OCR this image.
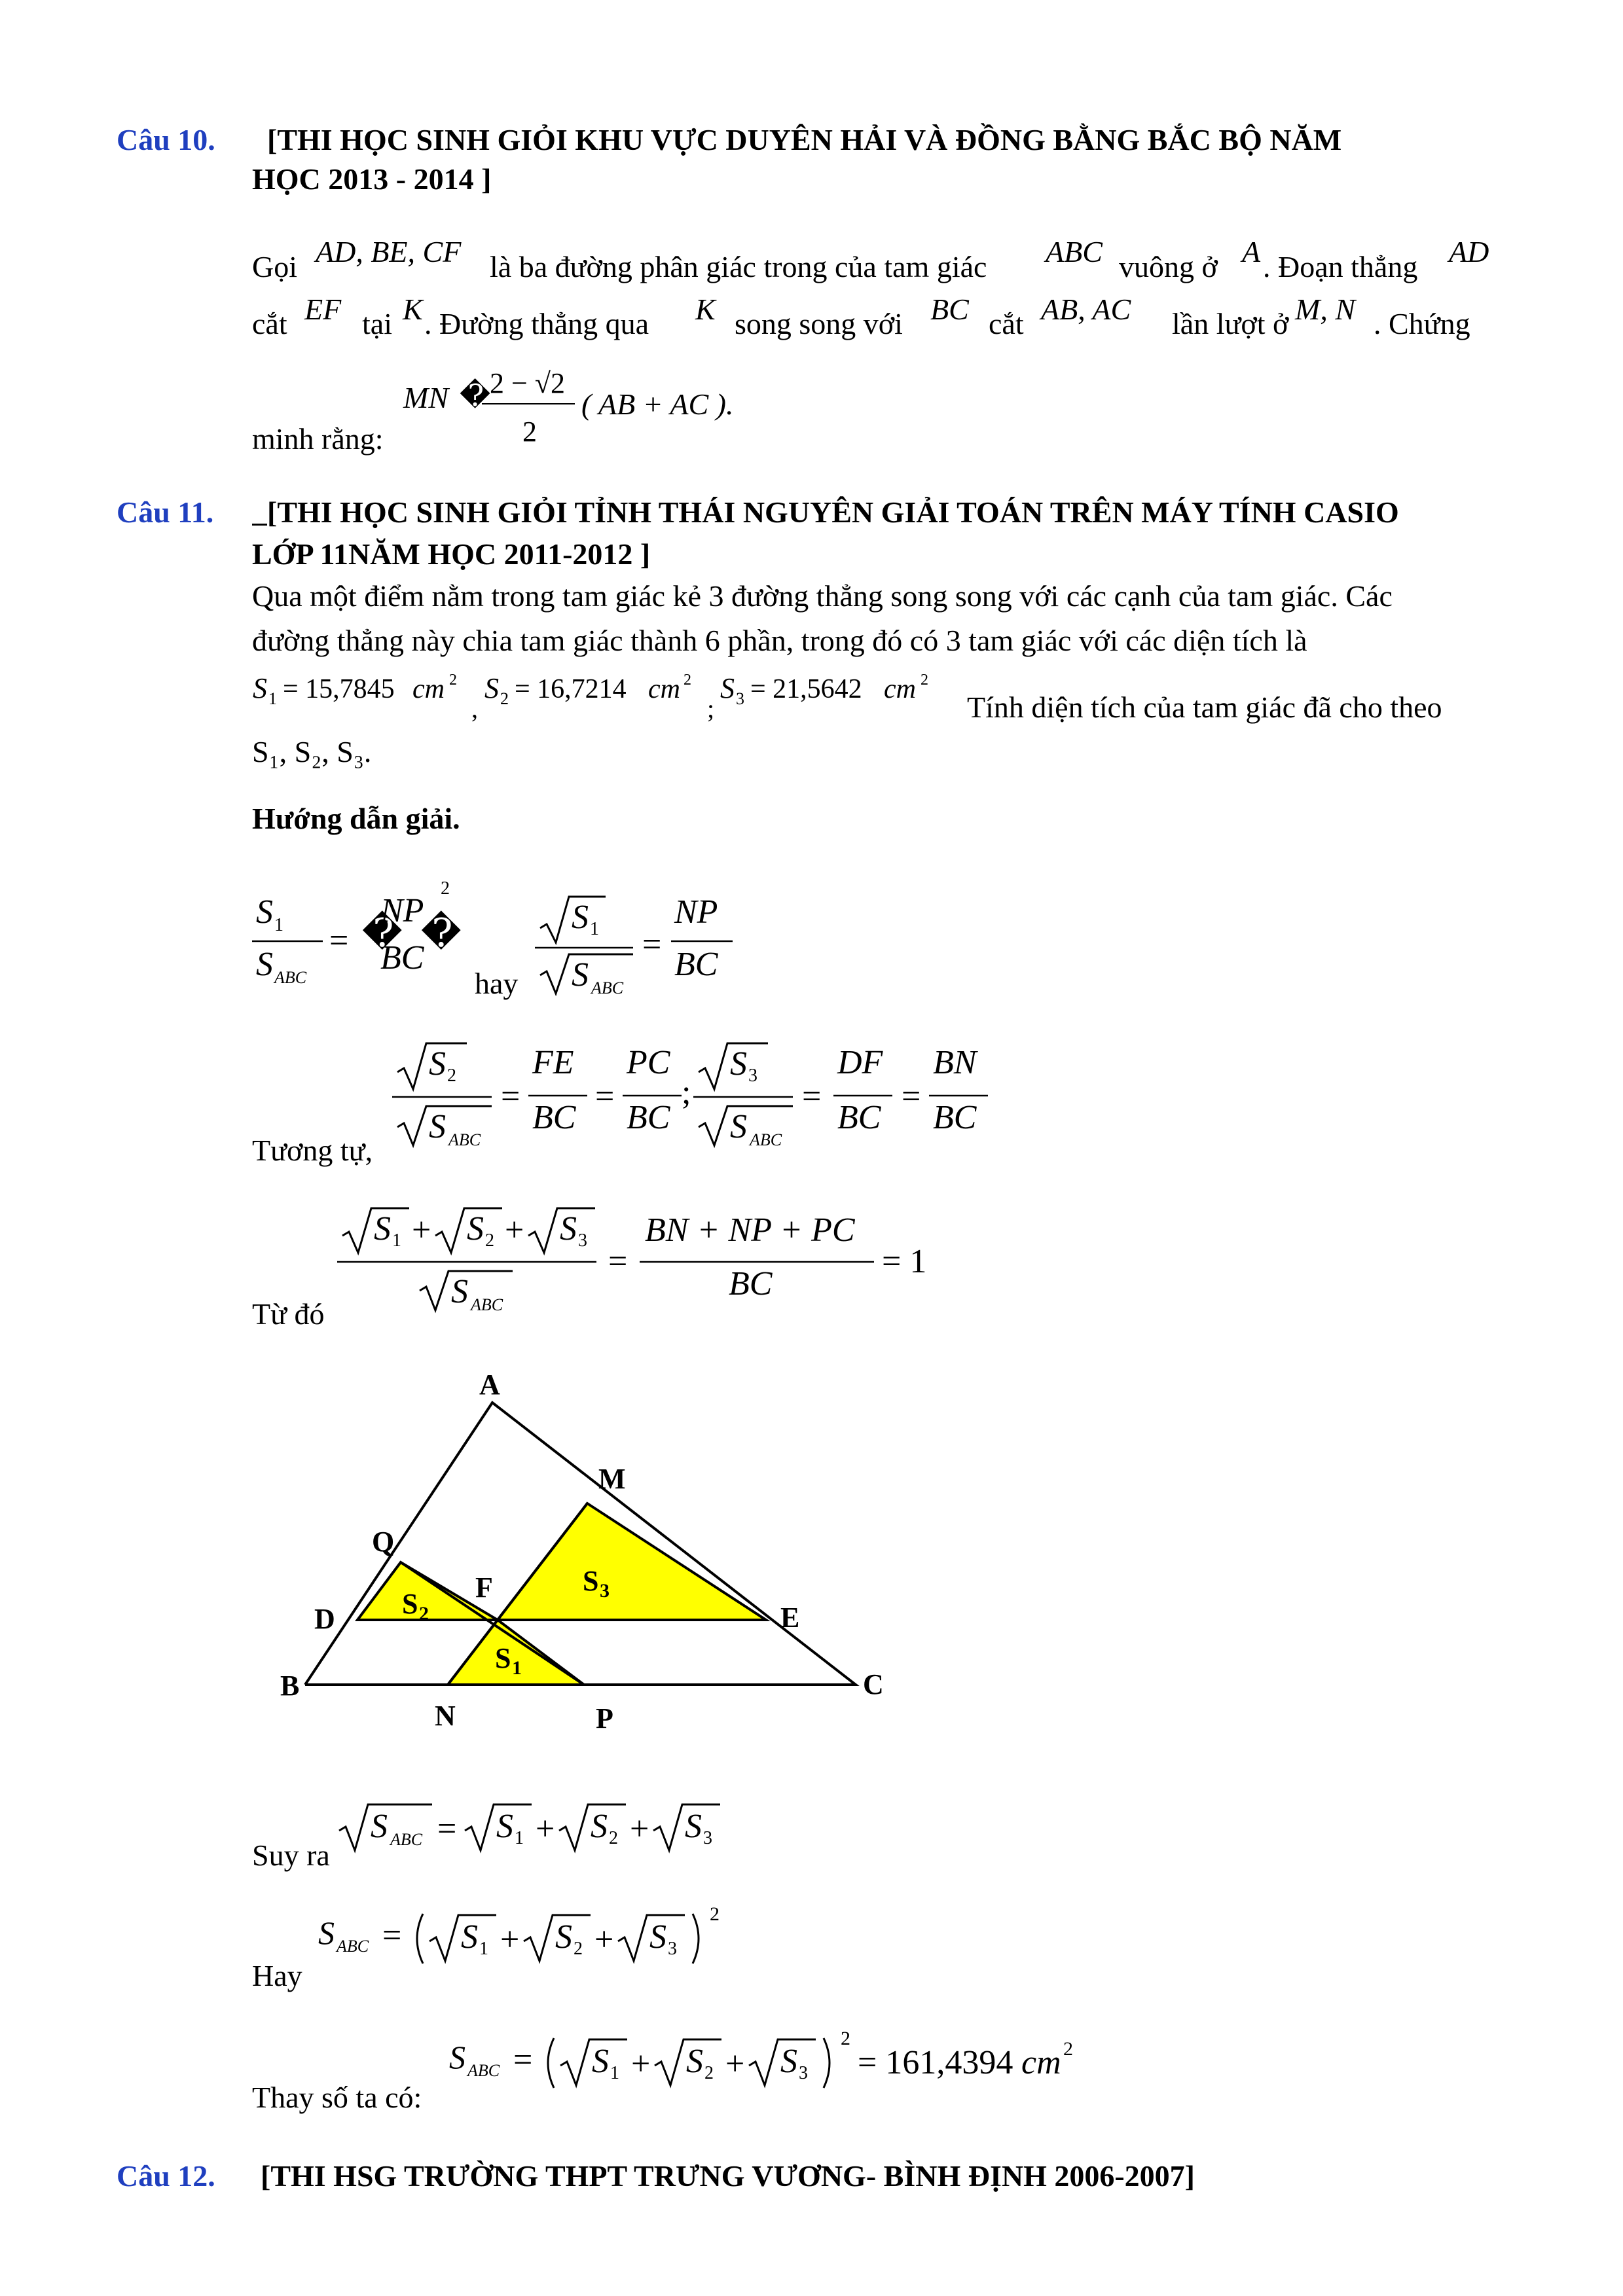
Câu 10. [THI HỌC SINH GIỎI KHU VỰC DUYÊN HẢI VÀ ĐỒNG BẰNG BẮC BỘ NĂM
HỌC 2013 - 2014 ]
Gọi AD, BE, CF là ba đường phân giác trong của tam giác ABC vuông ở A . Đoạn thẳng AD
cắt EF tại K . Đường thẳng qua K song song với BC cắt AB, AC lần lượt ở M, N . Chứng
minh rằng:
MN �
2 − √2
2
( AB + AC ).
Câu 11.
[THI HỌC SINH GIỎI TỈNH THÁI NGUYÊN GIẢI TOÁN TRÊN MÁY TÍNH CASIO
LỚP 11NĂM HỌC 2011-2012 ]
Qua một điểm nằm trong tam giác kẻ 3 đường thẳng song song với các cạnh của tam giác. Các
đường thẳng này chia tam giác thành 6 phần, trong đó có 3 tam giác với các diện tích là
S 1 = 15,7845 cm 2
,
S 2 = 16,7214 cm 2
;
S 3 = 21,5642 cm 2
Tính diện tích của tam giác đã cho theo
S₁, S₂, S₃.
Hướng dẫn giải.
S 1
S ABC
= �
NP
BC
�
2
hay
S 1
S ABC
=
NP
BC
Tương tự,
S 2
S ABC
=
FE
BC
=
PC
BC
;
S 3
S ABC
=
DF
BC
=
BN
BC
Từ đó
S 1 + S 2 + S 3
S ABC
=
BN + NP + PC
BC
= 1
A
M
Q
F
D	E
B
N	P
C
S 2
S 3
S 1
Suy ra
S ABC = S 1 + S 2 + S 3
Hay
S ABC = S 1 + S 2 + S 3
2
Thay số ta có:
S ABC = S 1 + S 2 + S 3
2
= 161,4394 cm 2
Câu 12. [THI HSG TRƯỜNG THPT TRƯNG VƯƠNG- BÌNH ĐỊNH 2006-2007]
